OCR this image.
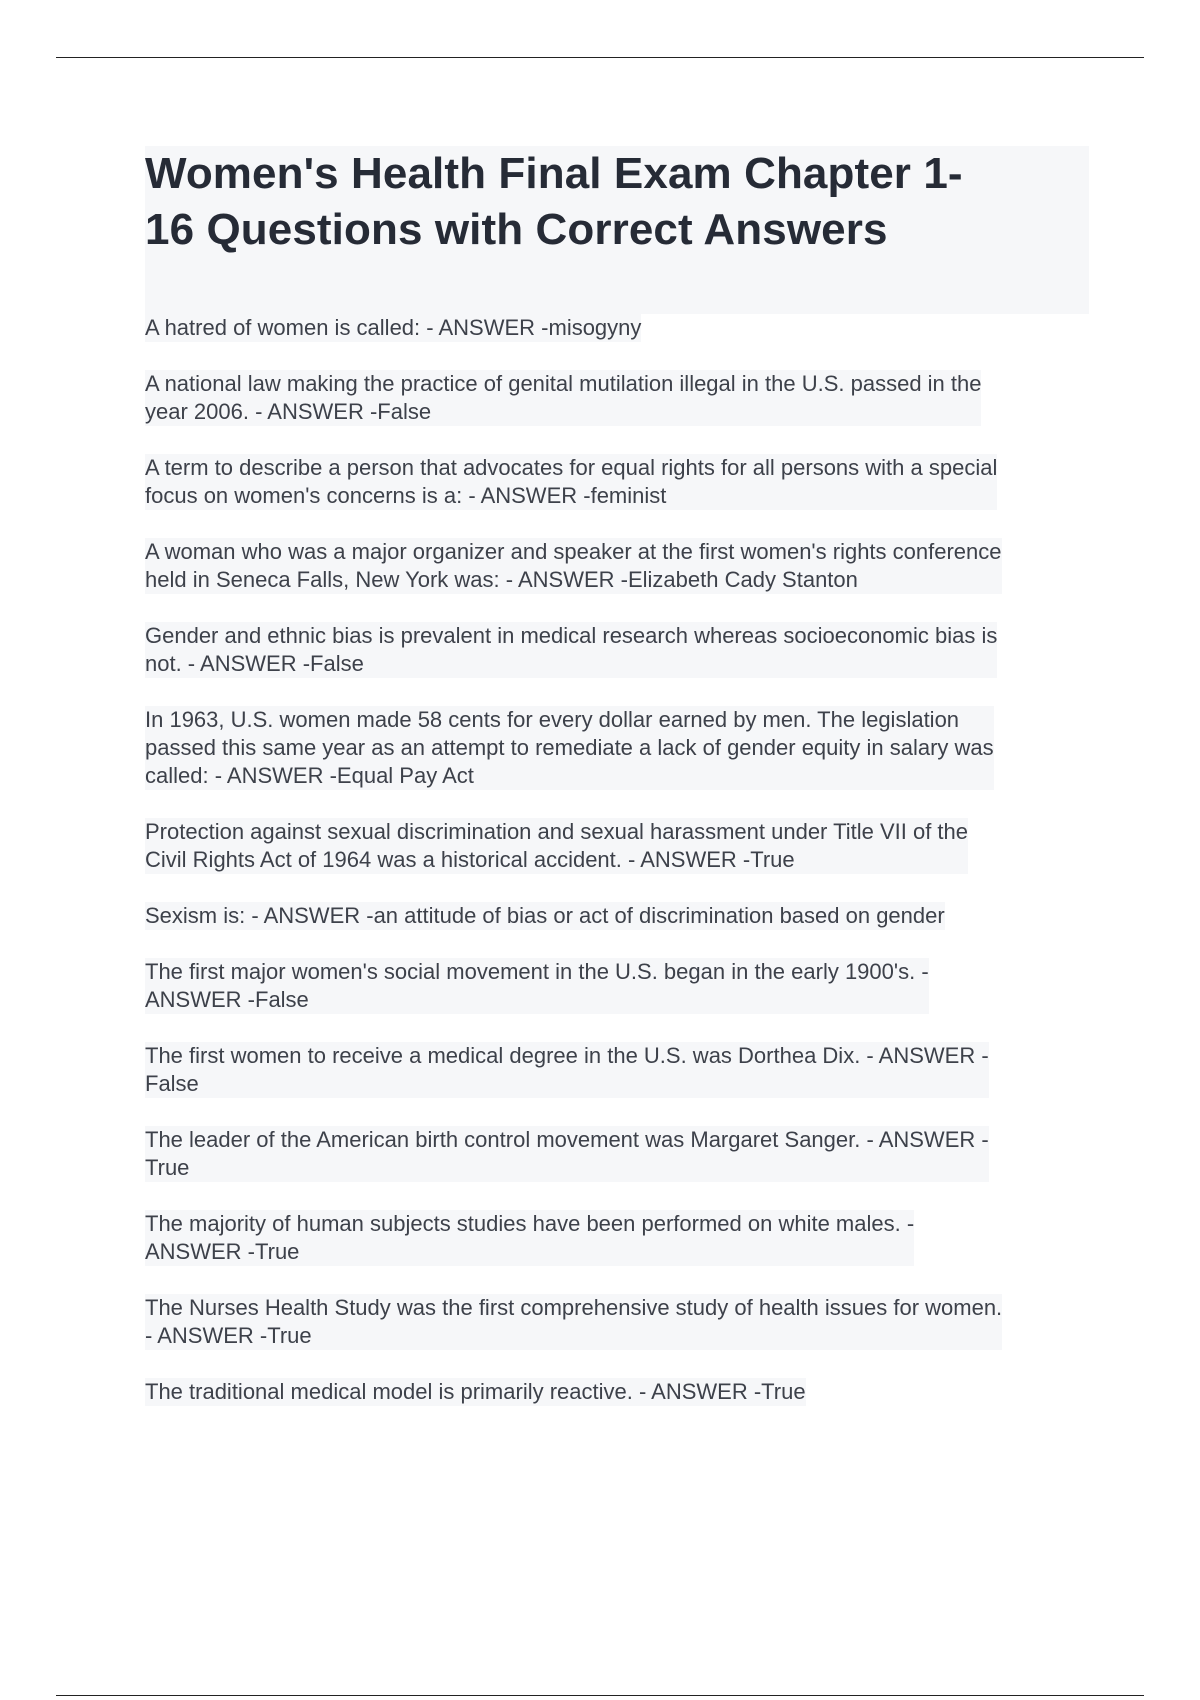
Women's Health Final Exam Chapter 1-
16 Questions with Correct Answers
A hatred of women is called: - ANSWER -misogyny
A national law making the practice of genital mutilation illegal in the U.S. passed in the
year 2006. - ANSWER -False
A term to describe a person that advocates for equal rights for all persons with a special
focus on women's concerns is a: - ANSWER -feminist
A woman who was a major organizer and speaker at the first women's rights conference
held in Seneca Falls, New York was: - ANSWER -Elizabeth Cady Stanton
Gender and ethnic bias is prevalent in medical research whereas socioeconomic bias is
not. - ANSWER -False
In 1963, U.S. women made 58 cents for every dollar earned by men. The legislation
passed this same year as an attempt to remediate a lack of gender equity in salary was
called: - ANSWER -Equal Pay Act
Protection against sexual discrimination and sexual harassment under Title VII of the
Civil Rights Act of 1964 was a historical accident. - ANSWER -True
Sexism is: - ANSWER -an attitude of bias or act of discrimination based on gender
The first major women's social movement in the U.S. began in the early 1900's. -
ANSWER -False
The first women to receive a medical degree in the U.S. was Dorthea Dix. - ANSWER -
False
The leader of the American birth control movement was Margaret Sanger. - ANSWER -
True
The majority of human subjects studies have been performed on white males. -
ANSWER -True
The Nurses Health Study was the first comprehensive study of health issues for women.
- ANSWER -True
The traditional medical model is primarily reactive. - ANSWER -True
